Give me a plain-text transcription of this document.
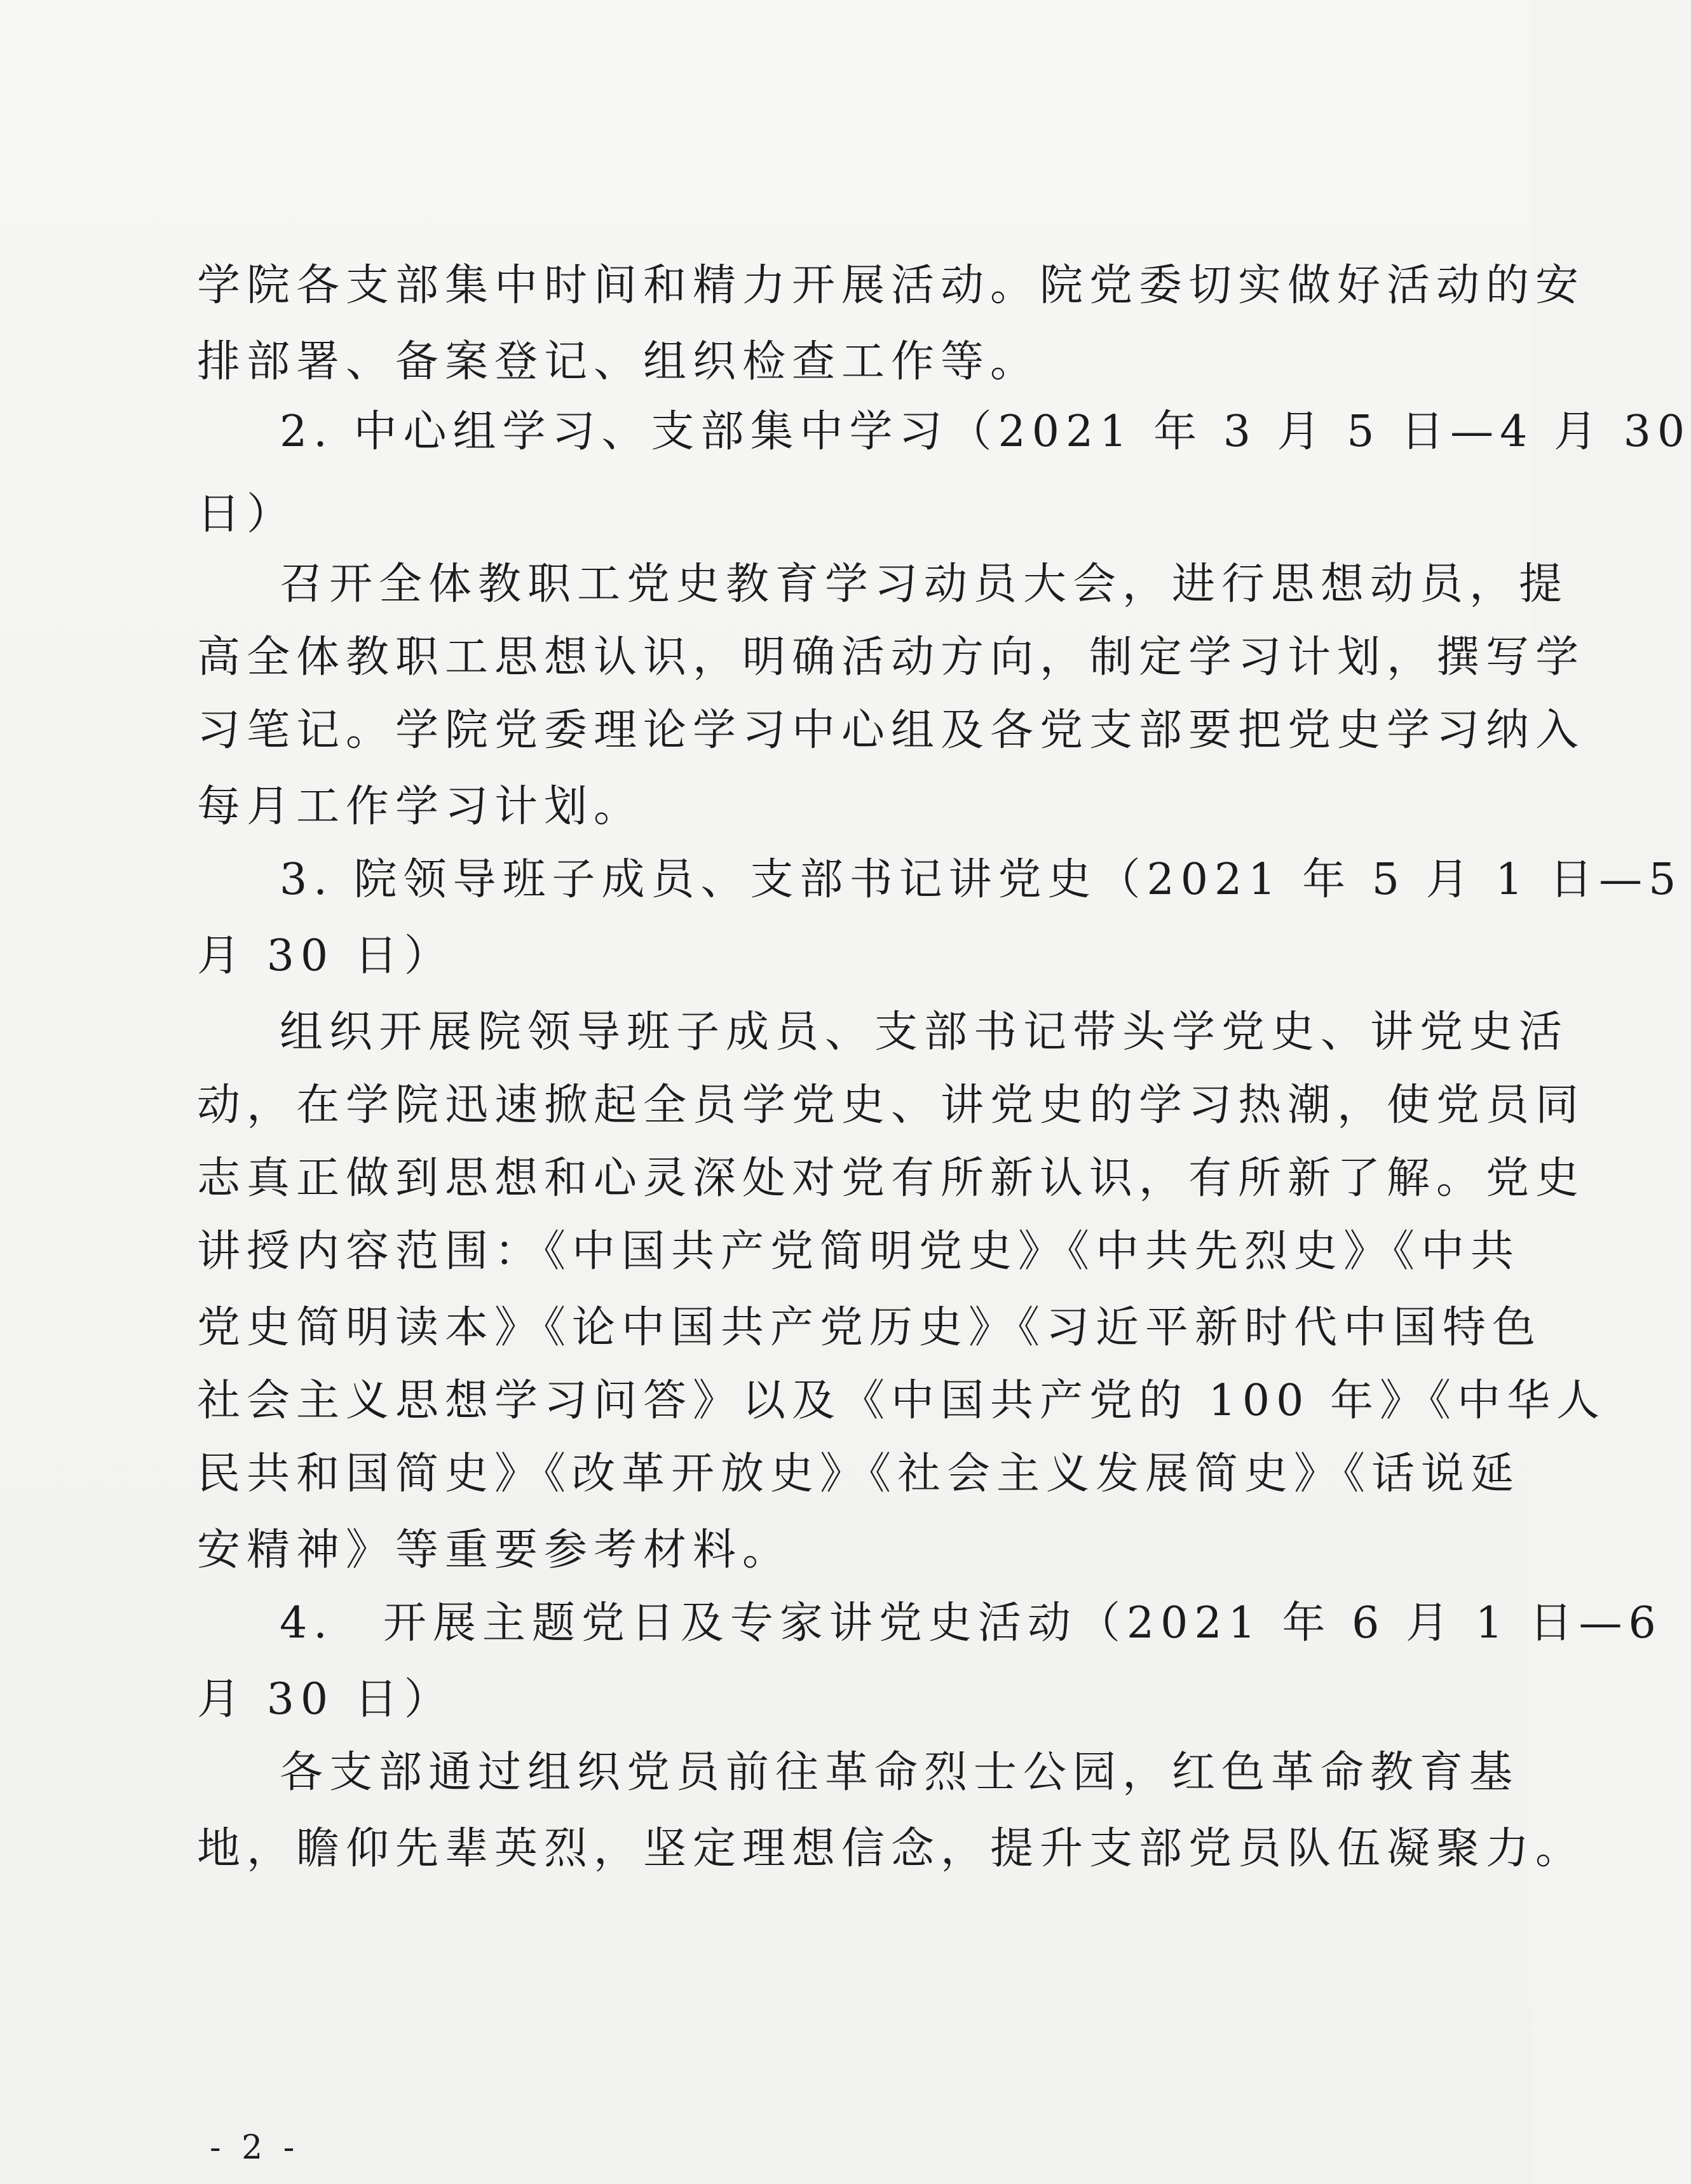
学院各支部集中时间和精力开展活动。院党委切实做好活动的安
排部署、备案登记、组织检查工作等。
2. 中心组学习、支部集中学习（2021 年 3 月 5 日—4 月 30
日）
召开全体教职工党史教育学习动员大会，进行思想动员，提
高全体教职工思想认识，明确活动方向，制定学习计划，撰写学
习笔记。学院党委理论学习中心组及各党支部要把党史学习纳入
每月工作学习计划。
3. 院领导班子成员、支部书记讲党史（2021 年 5 月 1 日—5
月 30 日）
组织开展院领导班子成员、支部书记带头学党史、讲党史活
动，在学院迅速掀起全员学党史、讲党史的学习热潮，使党员同
志真正做到思想和心灵深处对党有所新认识，有所新了解。党史
讲授内容范围：《中国共产党简明党史》《中共先烈史》《中共
党史简明读本》《论中国共产党历史》《习近平新时代中国特色
社会主义思想学习问答》以及《中国共产党的 100 年》《中华人
民共和国简史》《改革开放史》《社会主义发展简史》《话说延
安精神》等重要参考材料。
4.　开展主题党日及专家讲党史活动（2021 年 6 月 1 日—6
月 30 日）
各支部通过组织党员前往革命烈士公园，红色革命教育基
地，瞻仰先辈英烈，坚定理想信念，提升支部党员队伍凝聚力。
- 2 -
